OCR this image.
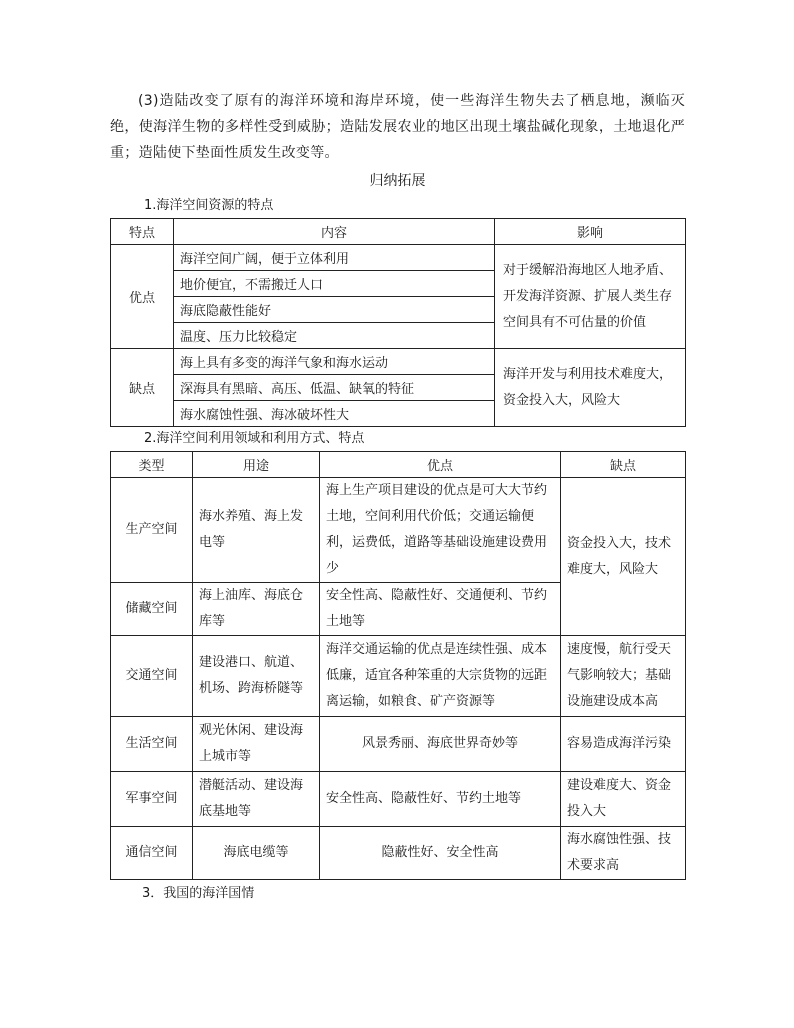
(3)造陆改变了原有的海洋环境和海岸环境，使一些海洋生物失去了栖息地，濒临灭绝，使海洋生物的多样性受到威胁；造陆发展农业的地区出现土壤盐碱化现象，土地退化严重；造陆使下垫面性质发生改变等。

归纳拓展

1.海洋空间资源的特点

特点	内容	影响
优点	海洋空间广阔，便于立体利用	对于缓解沿海地区人地矛盾、开发海洋资源、扩展人类生存空间具有不可估量的价值
	地价便宜，不需搬迁人口	
	海底隐蔽性能好	
	温度、压力比较稳定	
缺点	海上具有多变的海洋气象和海水运动	海洋开发与利用技术难度大，资金投入大，风险大
	深海具有黑暗、高压、低温、缺氧的特征	
	海水腐蚀性强、海冰破坏性大	

2.海洋空间利用领域和利用方式、特点

类型	用途	优点	缺点
生产空间	海水养殖、海上发电等	海上生产项目建设的优点是可大大节约土地，空间利用代价低；交通运输便利，运费低，道路等基础设施建设费用少	资金投入大，技术难度大，风险大
储藏空间	海上油库、海底仓库等	安全性高、隐蔽性好、交通便利、节约土地等	
交通空间	建设港口、航道、机场、跨海桥隧等	海洋交通运输的优点是连续性强、成本低廉，适宜各种笨重的大宗货物的远距离运输，如粮食、矿产资源等	速度慢，航行受天气影响较大；基础设施建设成本高
生活空间	观光休闲、建设海上城市等	风景秀丽、海底世界奇妙等	容易造成海洋污染
军事空间	潜艇活动、建设海底基地等	安全性高、隐蔽性好、节约土地等	建设难度大、资金投入大
通信空间	海底电缆等	隐蔽性好、安全性高	海水腐蚀性强、技术要求高

3．我国的海洋国情
